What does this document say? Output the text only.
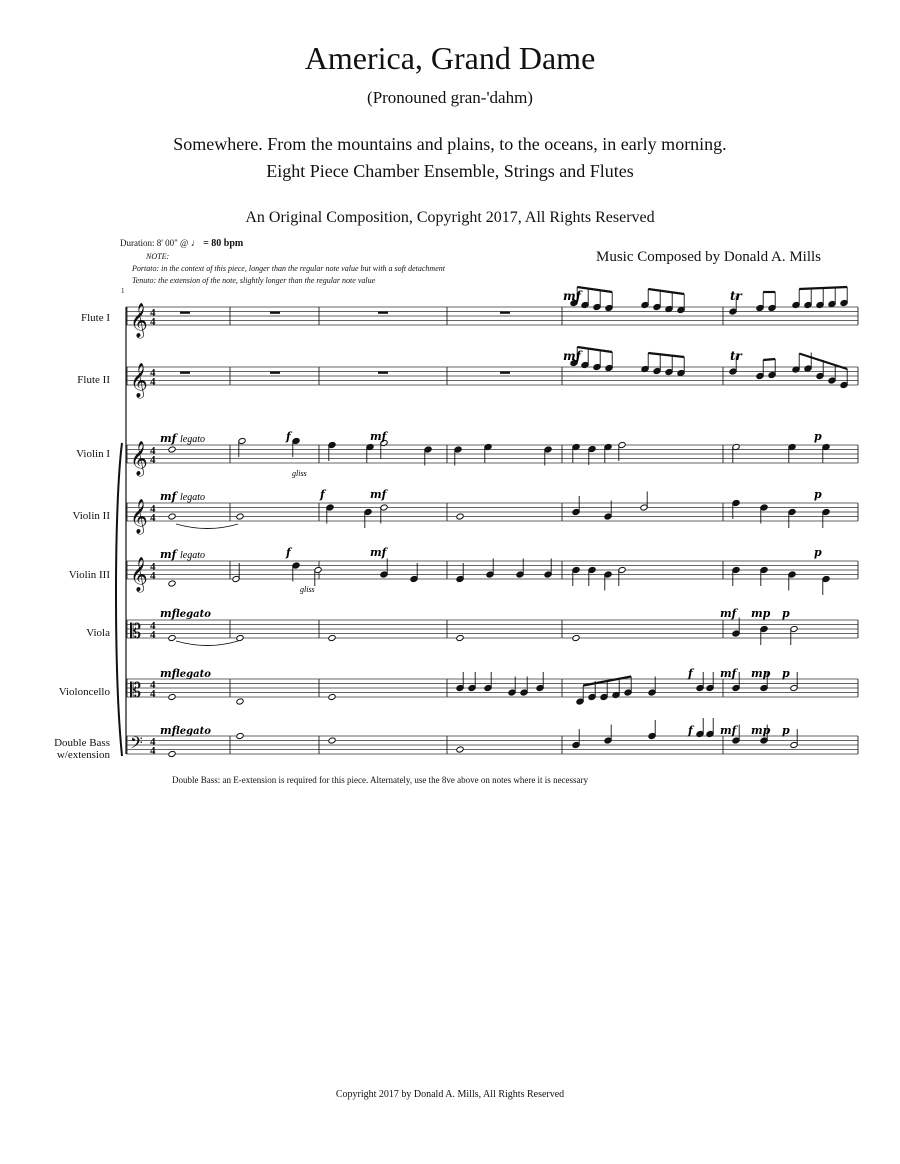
America, Grand Dame
(Pronouned gran-'dahm)
Somewhere. From the mountains and plains, to the oceans, in early morning.
Eight Piece Chamber Ensemble, Strings and Flutes
An Original Composition, Copyright 2017, All Rights Reserved
Music Composed by Donald A. Mills
Duration: 8' 00" @ ♩ = 80 bpm
NOTE:
Portato: in the context of this piece, longer than the regular note value but with a soft detachment
Tenuto: the extension of the note, slightly longer than the regular note value
1
Flute I
Flute II
Violin I
Violin II
Violin III
Viola
Violoncello
Double Bass
w/extension
𝄞 4
4
𝄞 4
4
𝄞 4
4
𝄞 4
4
𝄞 4
4
𝄡 4
4
𝄡 4
4
𝄢 4
4
mf	tr
mf	tr
mf legato	f	mf
gliss
p
mf legato	f	mf	p
mf legato	f	mf
gliss
p
mf legato	mf mp p
mf legato	f mf mp p
mf legato	f mf mp p
Double Bass: an E-extension is required for this piece. Alternately, use the 8ve above on notes where it is necessary
Copyright 2017 by Donald A. Mills, All Rights Reserved
